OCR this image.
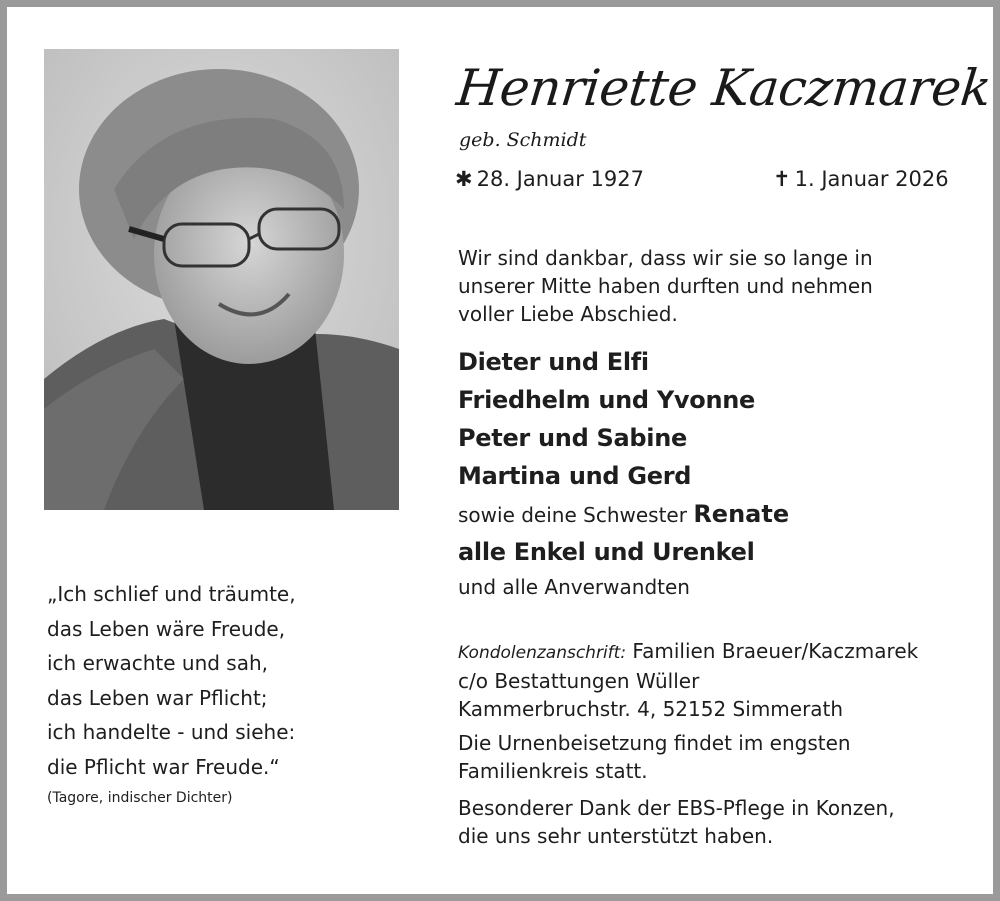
Henriette Kaczmarek
geb. Schmidt
✱ 28. Januar 1927	✝ 1. Januar 2026
Wir sind dankbar, dass wir sie so lange in
unserer Mitte haben durften und nehmen
voller Liebe Abschied.
Dieter und Elfi
Friedhelm und Yvonne
Peter und Sabine
Martina und Gerd
sowie deine Schwester Renate
alle Enkel und Urenkel
und alle Anverwandten
Kondolenzanschrift: Familien Braeuer/Kaczmarek
c/o Bestattungen Wüller
Kammerbruchstr. 4, 52152 Simmerath
Die Urnenbeisetzung findet im engsten
Familienkreis statt.
Besonderer Dank der EBS-Pflege in Konzen,
die uns sehr unterstützt haben.
„Ich schlief und träumte,
das Leben wäre Freude,
ich erwachte und sah,
das Leben war Pflicht;
ich handelte - und siehe:
die Pflicht war Freude.“
(Tagore, indischer Dichter)
